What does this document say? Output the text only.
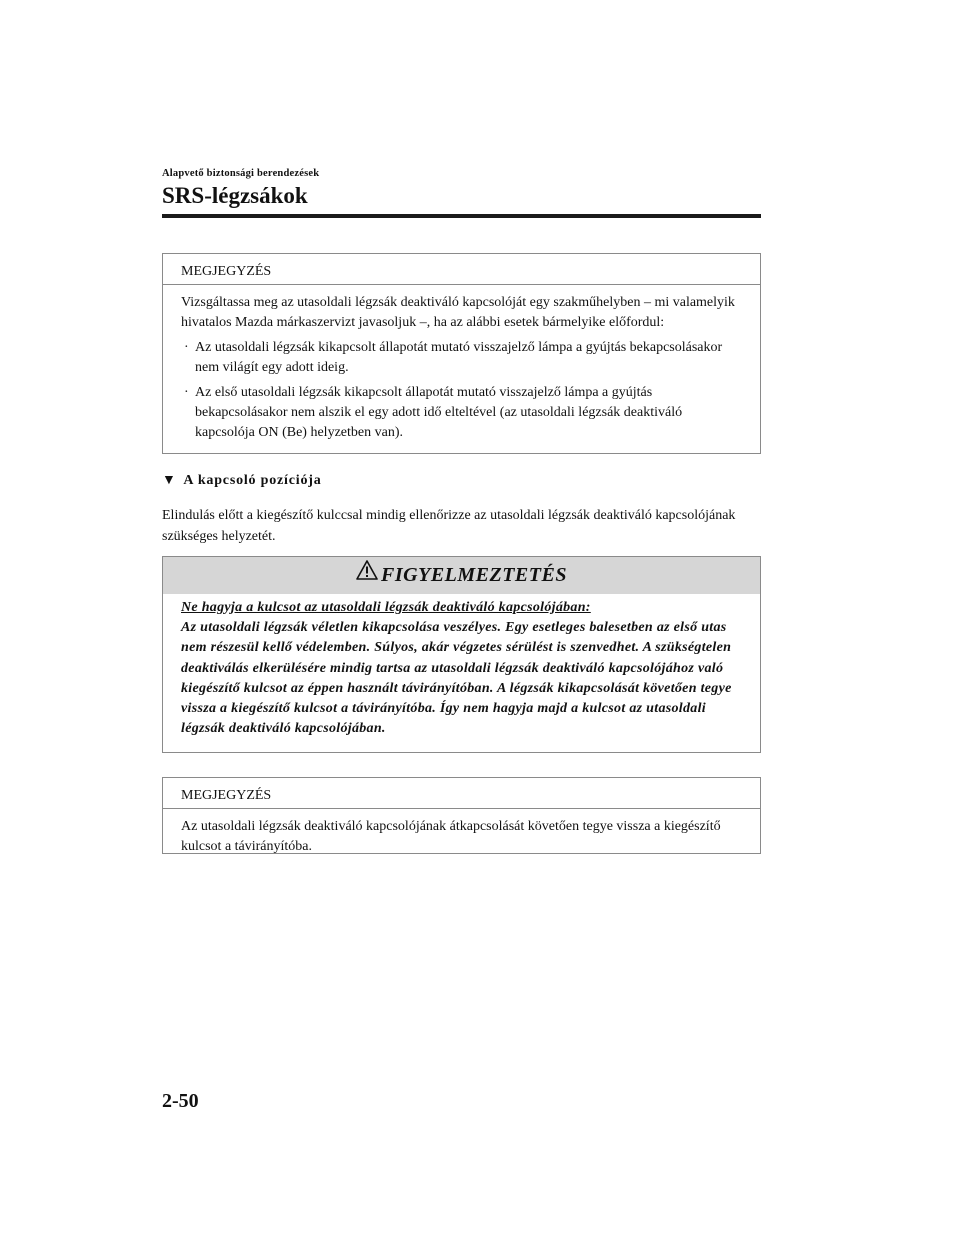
Alapvető biztonsági berendezések
SRS-légzsákok
MEGJEGYZÉS
Vizsgáltassa meg az utasoldali légzsák deaktiváló kapcsolóját egy szakműhelyben – mi valamelyik hivatalos Mazda márkaszervizt javasoljuk –, ha az alábbi esetek bármelyike előfordul:
· Az utasoldali légzsák kikapcsolt állapotát mutató visszajelző lámpa a gyújtás bekapcsolásakor nem világít egy adott ideig.
· Az első utasoldali légzsák kikapcsolt állapotát mutató visszajelző lámpa a gyújtás bekapcsolásakor nem alszik el egy adott idő elteltével (az utasoldali légzsák deaktiváló kapcsolója ON (Be) helyzetben van).
▼ A kapcsoló pozíciója
Elindulás előtt a kiegészítő kulccsal mindig ellenőrizze az utasoldali légzsák deaktiváló kapcsolójának szükséges helyzetét.
FIGYELMEZTETÉS
Ne hagyja a kulcsot az utasoldali légzsák deaktiváló kapcsolójában:
Az utasoldali légzsák véletlen kikapcsolása veszélyes. Egy esetleges balesetben az első utas nem részesül kellő védelemben. Súlyos, akár végzetes sérülést is szenvedhet. A szükségtelen deaktiválás elkerülésére mindig tartsa az utasoldali légzsák deaktiváló kapcsolójához való kiegészítő kulcsot az éppen használt távirányítóban. A légzsák kikapcsolását követően tegye vissza a kiegészítő kulcsot a távirányítóba. Így nem hagyja majd a kulcsot az utasoldali légzsák deaktiváló kapcsolójában.
MEGJEGYZÉS
Az utasoldali légzsák deaktiváló kapcsolójának átkapcsolását követően tegye vissza a kiegészítő kulcsot a távirányítóba.
2-50
